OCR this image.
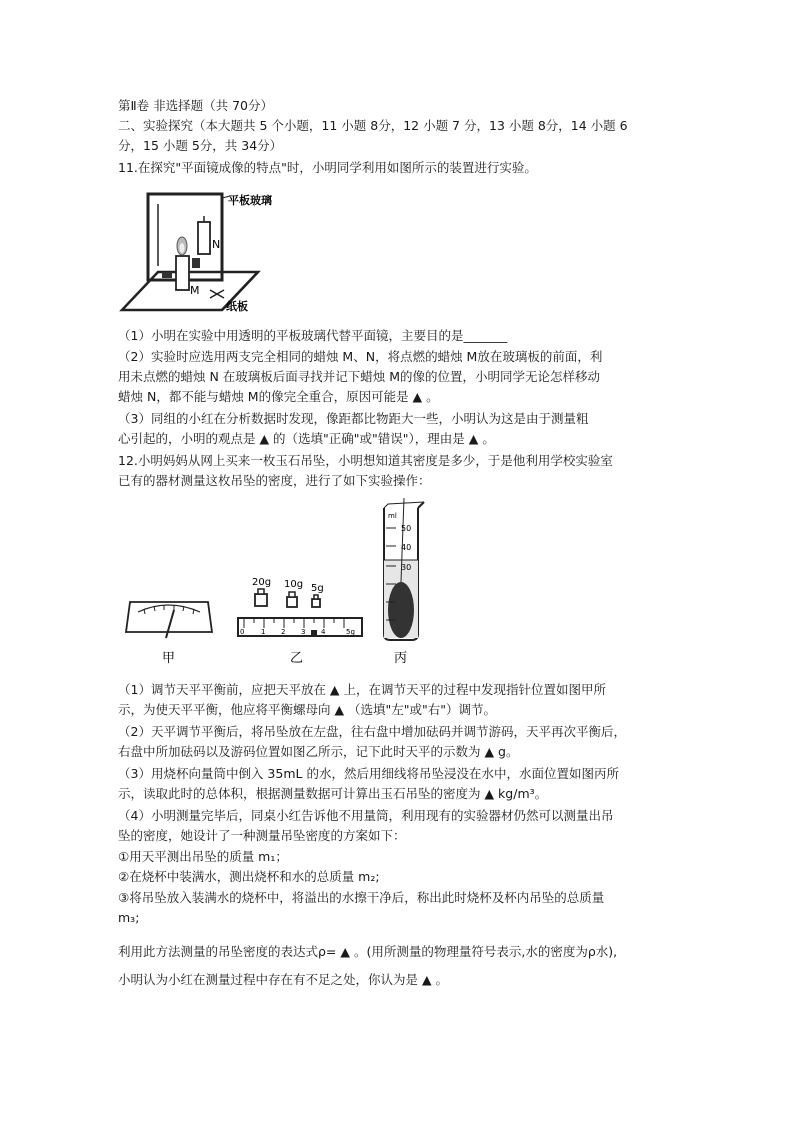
第Ⅱ卷 非选择题（共 70分）
二、实验探究（本大题共 5 个小题，11 小题 8分，12 小题 7 分，13 小题 8分，14 小题 6
分，15 小题 5分，共 34分）
11.在探究"平面镜成像的特点"时，小明同学利用如图所示的装置进行实验。
平板玻璃
N
M
纸板
（1）小明在实验中用透明的平板玻璃代替平面镜，主要目的是_______
（2）实验时应选用两支完全相同的蜡烛 M、N，将点燃的蜡烛 M放在玻璃板的前面，利
用未点燃的蜡烛 N 在玻璃板后面寻找并记下蜡烛 M的像的位置，小明同学无论怎样移动
蜡烛 N，都不能与蜡烛 M的像完全重合，原因可能是 ▲ 。
（3）同组的小红在分析数据时发现，像距都比物距大一些，小明认为这是由于测量粗
心引起的，小明的观点是 ▲ 的（选填"正确"或"错误"），理由是 ▲ 。
12.小明妈妈从网上买来一枚玉石吊坠，小明想知道其密度是多少，于是他利用学校实验室
已有的器材测量这枚吊坠的密度，进行了如下实验操作：
甲
20g 10g 5g
0 1 2 3 4	5g
乙
ml
50
40
30
丙
（1）调节天平平衡前，应把天平放在 ▲ 上，在调节天平的过程中发现指针位置如图甲所
示，为使天平平衡，他应将平衡螺母向 ▲ （选填"左"或"右"）调节。
（2）天平调节平衡后，将吊坠放在左盘，往右盘中增加砝码并调节游码，天平再次平衡后，
右盘中所加砝码以及游码位置如图乙所示，记下此时天平的示数为 ▲ g。
（3）用烧杯向量筒中倒入 35mL 的水，然后用细线将吊坠浸没在水中，水面位置如图丙所
示，读取此时的总体积，根据测量数据可计算出玉石吊坠的密度为 ▲ kg/m³。
（4）小明测量完毕后，同桌小红告诉他不用量筒，利用现有的实验器材仍然可以测量出吊
坠的密度，她设计了一种测量吊坠密度的方案如下：
①用天平测出吊坠的质量 m₁；
②在烧杯中装满水，测出烧杯和水的总质量 m₂;
③将吊坠放入装满水的烧杯中，将溢出的水擦干净后，称出此时烧杯及杯内吊坠的总质量
m₃;
利用此方法测量的吊坠密度的表达式ρ= ▲ 。(用所测量的物理量符号表示,水的密度为ρ水),
小明认为小红在测量过程中存在有不足之处，你认为是 ▲ 。
